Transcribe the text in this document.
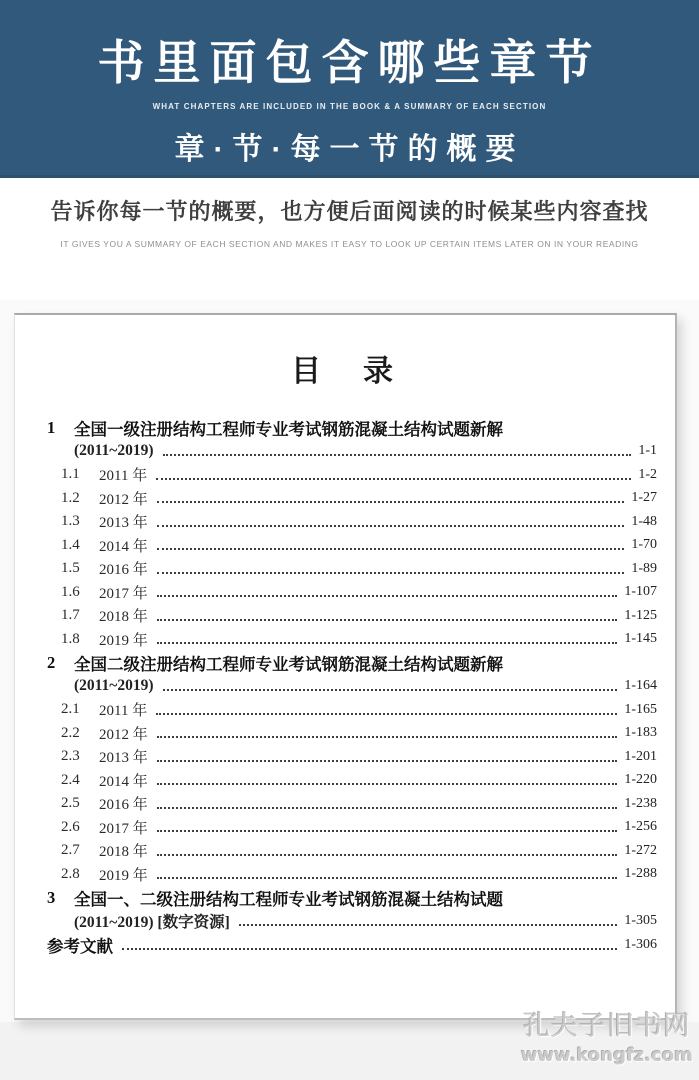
书里面包含哪些章节
WHAT CHAPTERS ARE INCLUDED IN THE BOOK & A SUMMARY OF EACH SECTION
章·节·每一节的概要
告诉你每一节的概要，也方便后面阅读的时候某些内容查找
IT GIVES YOU A SUMMARY OF EACH SECTION AND MAKES IT EASY TO LOOK UP CERTAIN ITEMS LATER ON IN YOUR READING
目　录
1	全国一级注册结构工程师专业考试钢筋混凝土结构试题新解
(2011~2019)	1-1
1.1	2011 年	1-2
1.2	2012 年	1-27
1.3	2013 年	1-48
1.4	2014 年	1-70
1.5	2016 年	1-89
1.6	2017 年	1-107
1.7	2018 年	1-125
1.8	2019 年	1-145
2	全国二级注册结构工程师专业考试钢筋混凝土结构试题新解
(2011~2019)	1-164
2.1	2011 年	1-165
2.2	2012 年	1-183
2.3	2013 年	1-201
2.4	2014 年	1-220
2.5	2016 年	1-238
2.6	2017 年	1-256
2.7	2018 年	1-272
2.8	2019 年	1-288
3	全国一、二级注册结构工程师专业考试钢筋混凝土结构试题
(2011~2019) [数字资源]	1-305
参考文献	1-306
孔夫子旧书网
www.kongfz.com
